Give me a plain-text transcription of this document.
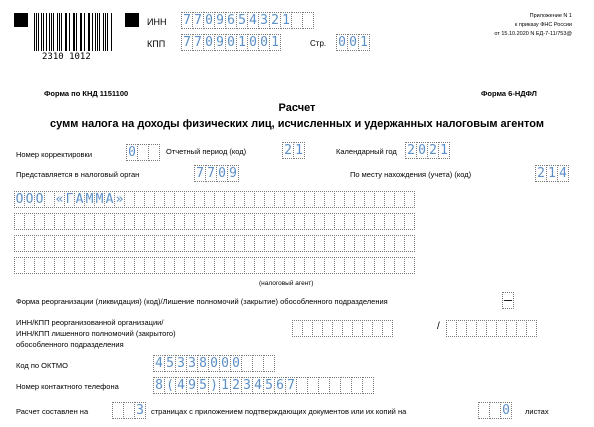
2310 1012
ИНН 7 7 0 9 6 5 4 3 2 1
КПП 7 7 0 9 0 1 0 0 1	Стр. 0 0 1
Приложение N 1
к приказу ФНС России
от 15.10.2020 N ЕД-7-11/753@
Форма по КНД 1151100	Форма 6-НДФЛ
Расчет
сумм налога на доходы физических лиц, исчисленных и удержанных налоговым агентом
Номер корректировки	0	Отчетный период (код)	2 1	Календарный год 2 0 2 1
Представляется в налоговый орган	7 7 0 9	По месту нахождения (учета) (код)	2 1 4
О О О « Г А М М А »
(налоговый агент)
Форма реорганизации (ликвидация) (код)/Лишение полномочий (закрытие) обособленного подразделения	–
ИНН/КПП реорганизованной организации/
ИНН/КПП лишенного полномочий (закрытого)
обособленного подразделения
/
Код по ОКТМО	4 5 3 3 8 0 0 0
Номер контактного телефона	8 ( 4 9 5 ) 1 2 3 4 5 6 7
Расчет составлен на	3 страницах с приложением подтверждающих документов или их копий на	0 листах
